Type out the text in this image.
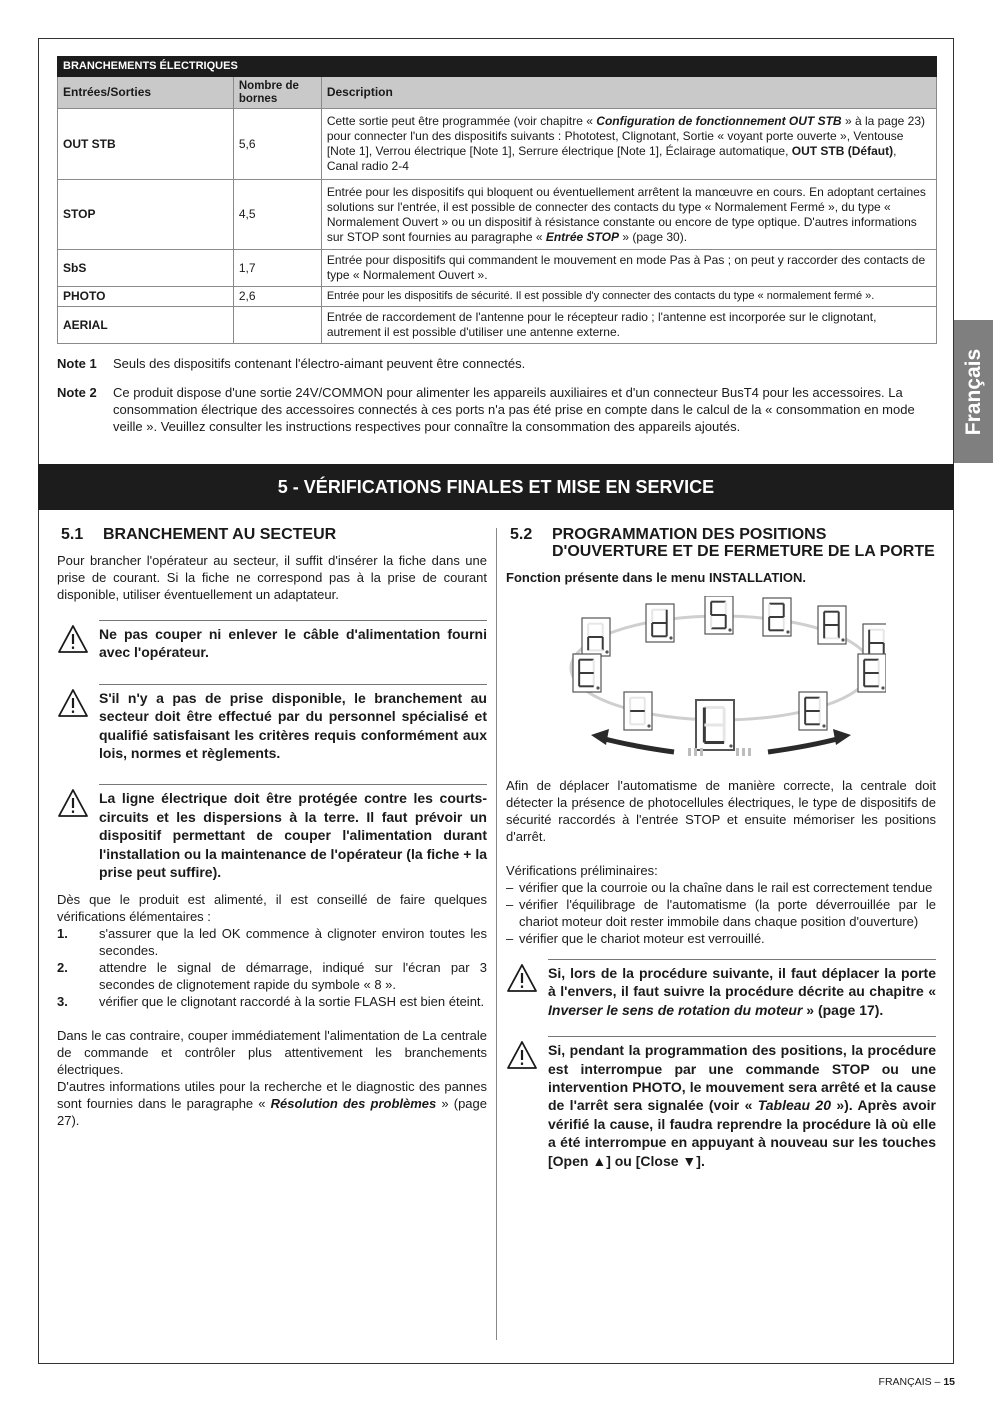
BRANCHEMENTS ÉLECTRIQUES		
Entrées/Sorties	Nombre de bornes	Description
OUT STB	5,6	Cette sortie peut être programmée (voir chapitre « Configuration de fonctionnement OUT STB » à la page 23) pour connecter l'un des dispositifs suivants : Phototest, Clignotant, Sortie « voyant porte ouverte », Ventouse [Note 1], Verrou électrique [Note 1], Serrure électrique [Note 1], Éclairage automatique, OUT STB (Défaut), Canal radio 2-4
STOP	4,5	Entrée pour les dispositifs qui bloquent ou éventuellement arrêtent la manœuvre en cours. En adoptant certaines solutions sur l'entrée, il est possible de connecter des contacts du type « Normalement Fermé », du type « Normalement Ouvert » ou un dispositif à résistance constante ou encore de type optique. D'autres informations sur STOP sont fournies au paragraphe « Entrée STOP » (page 30).
SbS	1,7	Entrée pour dispositifs qui commandent le mouvement en mode Pas à Pas ; on peut y raccorder des contacts de type « Normalement Ouvert ».
PHOTO	2,6	Entrée pour les dispositifs de sécurité. Il est possible d'y connecter des contacts du type « normalement fermé ».
AERIAL		Entrée de raccordement de l'antenne pour le récepteur radio ; l'antenne est incorporée sur le clignotant, autrement il est possible d'utiliser une antenne externe.
Note 1	Seuls des dispositifs contenant l'électro-aimant peuvent être connectés.
Note 2	Ce produit dispose d'une sortie 24V/COMMON pour alimenter les appareils auxiliaires et d'un connecteur BusT4 pour les accessoires. La consommation électrique des accessoires connectés à ces ports n'a pas été prise en compte dans le calcul de la « consommation en mode veille ». Veuillez consulter les instructions respectives pour connaître la consommation des appareils ajoutés.	Français
5 - VÉRIFICATIONS FINALES ET MISE EN SERVICE
5.1	BRANCHEMENT AU SECTEUR

Pour brancher l'opérateur au secteur, il suffit d'insérer la fiche dans une prise de courant. Si la fiche ne correspond pas à la prise de courant disponible, utiliser éventuellement un adaptateur.

Ne pas couper ni enlever le câble d'alimentation fourni avec l'opérateur.

S'il n'y a pas de prise disponible, le branchement au secteur doit être effectué par du personnel spécialisé et qualifié satisfaisant les critères requis conformément aux lois, normes et règlements.

La ligne électrique doit être protégée contre les courts-circuits et les dispersions à la terre. Il faut prévoir un dispositif permettant de couper l'alimentation durant l'installation ou la maintenance de l'opérateur (la fiche + la prise peut suffire).

Dès que le produit est alimenté, il est conseillé de faire quelques vérifications élémentaires :

1.	s'assurer que la led OK commence à clignoter environ toutes les secondes.
2.	attendre le signal de démarrage, indiqué sur l'écran par 3 secondes de clignotement rapide du symbole « 8 ».
3.	vérifier que le clignotant raccordé à la sortie FLASH est bien éteint.

Dans le cas contraire, couper immédiatement l'alimentation de La centrale de commande et contrôler plus attentivement les branchements électriques.

D'autres informations utiles pour la recherche et le diagnostic des pannes sont fournies dans le paragraphe « Résolution des problèmes » (page 27).

5.2	PROGRAMMATION DES POSITIONS D'OUVERTURE ET DE FERMETURE DE LA PORTE

Fonction présente dans le menu INSTALLATION.

Afin de déplacer l'automatisme de manière correcte, la centrale doit détecter la présence de photocellules électriques, le type de dispositifs de sécurité raccordés à l'entrée STOP et ensuite mémoriser les positions d'arrêt.

Vérifications préliminaires:

– vérifier que la courroie ou la chaîne dans le rail est correctement tendue
– vérifier l'équilibrage de l'automatisme (la porte déverrouillée par le chariot moteur doit rester immobile dans chaque position d'ouverture)
– vérifier que le chariot moteur est verrouillé.

Si, lors de la procédure suivante, il faut déplacer la porte à l'envers, il faut suivre la procédure décrite au chapitre « Inverser le sens de rotation du moteur » (page 17).

Si, pendant la programmation des positions, la procédure est interrompue par une commande STOP ou une intervention PHOTO, le mouvement sera arrêté et la cause de l'arrêt sera signalée (voir « Tableau 20 »). Après avoir vérifié la cause, il faudra reprendre la procédure là où elle a été interrompue en appuyant à nouveau sur les touches [Open ▲] ou [Close ▼].

FRANÇAIS – 15
